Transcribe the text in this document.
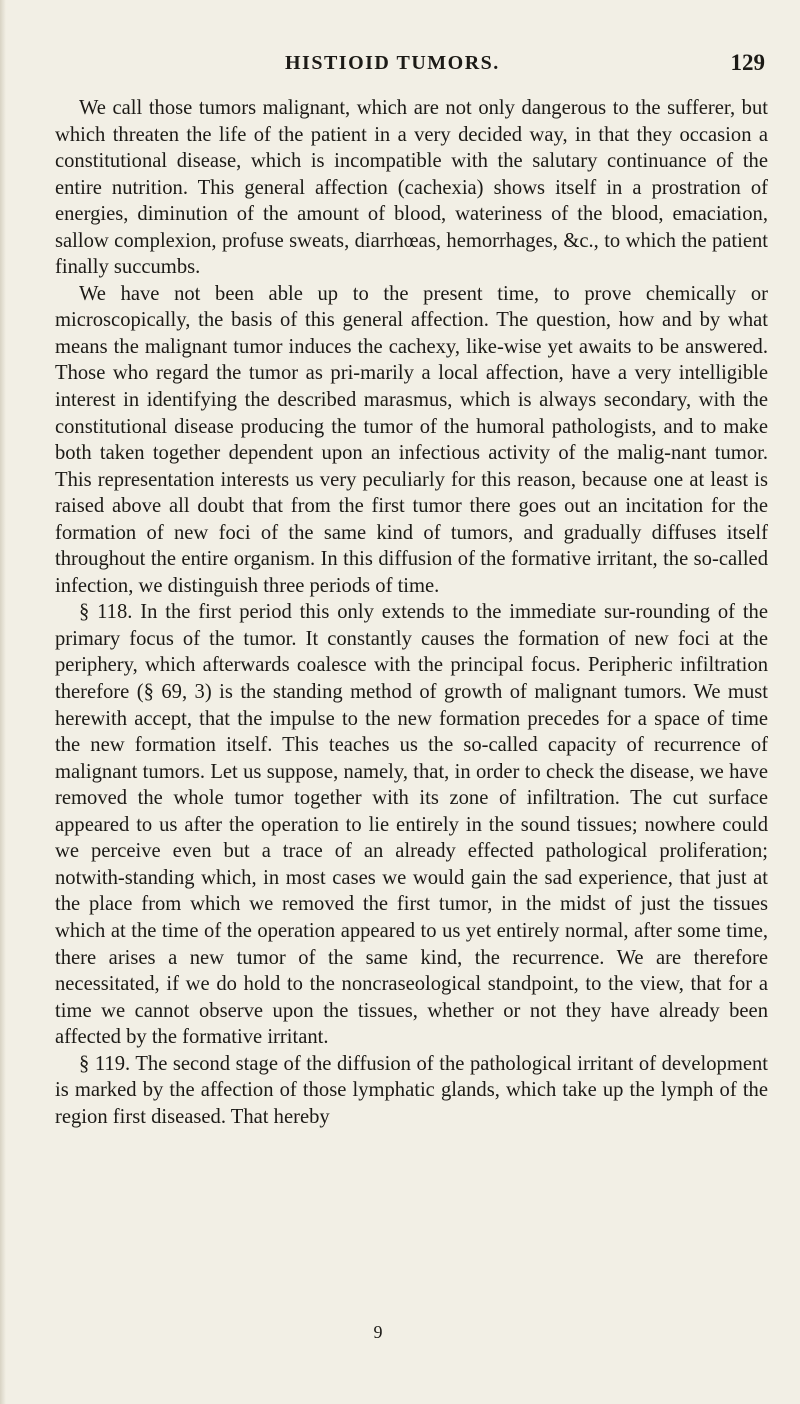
HISTIOID TUMORS.	129

We call those tumors malignant, which are not only dangerous to the sufferer, but which threaten the life of the patient in a very decided way, in that they occasion a constitutional disease, which is incompatible with the salutary continuance of the entire nutrition. This general affection (cachexia) shows itself in a prostration of energies, diminution of the amount of blood, wateriness of the blood, emaciation, sallow complexion, profuse sweats, diarrhœas, hemorrhages, &c., to which the patient finally succumbs.

We have not been able up to the present time, to prove chemically or microscopically, the basis of this general affection. The question, how and by what means the malignant tumor induces the cachexy, like-wise yet awaits to be answered. Those who regard the tumor as pri-marily a local affection, have a very intelligible interest in identifying the described marasmus, which is always secondary, with the constitutional disease producing the tumor of the humoral pathologists, and to make both taken together dependent upon an infectious activity of the malig-nant tumor. This representation interests us very peculiarly for this reason, because one at least is raised above all doubt that from the first tumor there goes out an incitation for the formation of new foci of the same kind of tumors, and gradually diffuses itself throughout the entire organism. In this diffusion of the formative irritant, the so-called infection, we distinguish three periods of time.

§ 118. In the first period this only extends to the immediate sur-rounding of the primary focus of the tumor. It constantly causes the formation of new foci at the periphery, which afterwards coalesce with the principal focus. Peripheric infiltration therefore (§ 69, 3) is the standing method of growth of malignant tumors. We must herewith accept, that the impulse to the new formation precedes for a space of time the new formation itself. This teaches us the so-called capacity of recurrence of malignant tumors. Let us suppose, namely, that, in order to check the disease, we have removed the whole tumor together with its zone of infiltration. The cut surface appeared to us after the operation to lie entirely in the sound tissues; nowhere could we perceive even but a trace of an already effected pathological proliferation; notwith-standing which, in most cases we would gain the sad experience, that just at the place from which we removed the first tumor, in the midst of just the tissues which at the time of the operation appeared to us yet entirely normal, after some time, there arises a new tumor of the same kind, the recurrence. We are therefore necessitated, if we do hold to the noncraseological standpoint, to the view, that for a time we cannot observe upon the tissues, whether or not they have already been affected by the formative irritant.

§ 119. The second stage of the diffusion of the pathological irritant of development is marked by the affection of those lymphatic glands, which take up the lymph of the region first diseased. That hereby

9
